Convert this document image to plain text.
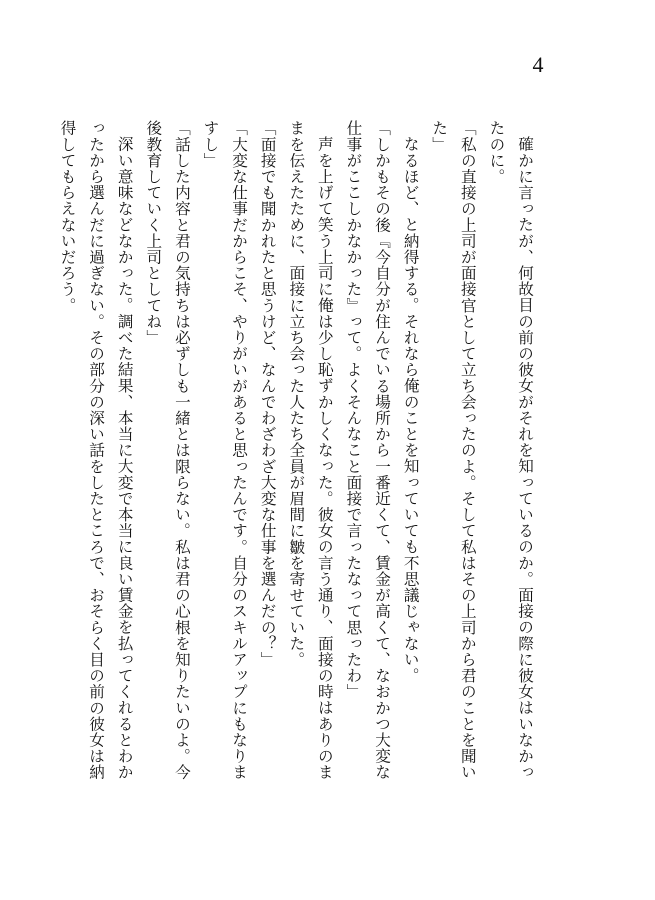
4

確かに言ったが、何故目の前の彼女がそれを知っているのか。面接の際に彼女はいなかったのに。

「私の直接の上司が面接官として立ち会ったのよ。そして私はその上司から君のことを聞いた」

なるほど、と納得する。それなら俺のことを知っていても不思議じゃない。

「しかもその後『今自分が住んでいる場所から一番近くて、賃金が高くて、なおかつ大変な仕事がここしかなかった』って。よくそんなこと面接で言ったなって思ったわ」

声を上げて笑う上司に俺は少し恥ずかしくなった。彼女の言う通り、面接の時はありのままを伝えたために、面接に立ち会った人たち全員が眉間に皺を寄せていた。

「面接でも聞かれたと思うけど、なんでわざわざ大変な仕事を選んだの？」

「大変な仕事だからこそ、やりがいがあると思ったんです。自分のスキルアップにもなりますし」

「話した内容と君の気持ちは必ずしも一緒とは限らない。私は君の心根を知りたいのよ。今後教育していく上司としてね」

深い意味などなかった。調べた結果、本当に大変で本当に良い賃金を払ってくれるとわかったから選んだに過ぎない。その部分の深い話をしたところで、おそらく目の前の彼女は納得してもらえないだろう。
